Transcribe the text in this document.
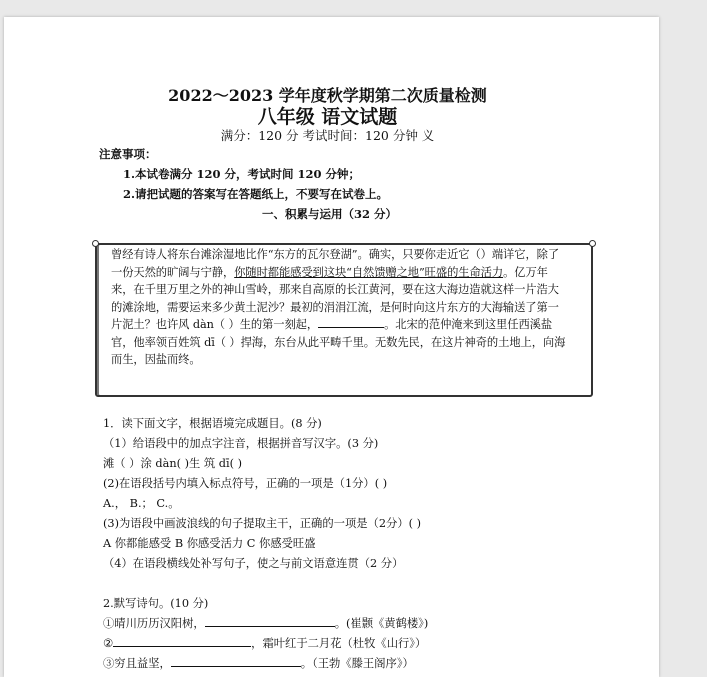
2022～2023 学年度秋学期第二次质量检测
八年级 语文试题
满分：120 分 考试时间：120 分钟 义
注意事项：
1.本试卷满分 120 分，考试时间 120 分钟；
2.请把试题的答案写在答题纸上，不要写在试卷上。
一、积累与运用（32 分）
曾经有诗人将东台滩涂湿地比作“东方的瓦尔登湖”。确实，只要你走近它（）端详它，除了
一份天然的旷阔与宁静，你随时都能感受到这块“自然馈赠之地”旺盛的生命活力。亿万年
来，在千里万里之外的神山雪岭，那来自高原的长江黄河，要在这大海边造就这样一片浩大
的滩涂地，需要运来多少黄土泥沙？最初的涓涓江流，是何时向这片东方的大海输送了第一
片泥土？也许风 dàn（ ）生的第一刻起，	。北宋的范仲淹来到这里任西溪盐
官，他率领百姓筑 dī（ ）捍海，东台从此平畴千里。无数先民，在这片神奇的土地上，向海
而生，因盐而终。
1．读下面文字，根据语境完成题目。(8 分)
（1）给语段中的加点字注音，根据拼音写汉字。(3 分)
滩（ ）涂 dàn( )生 筑 dī( )
(2)在语段括号内填入标点符号，正确的一项是（1分）( )
A.， B.； C.。
(3)为语段中画波浪线的句子提取主干，正确的一项是（2分）( )
A 你都能感受 B 你感受活力 C 你感受旺盛
（4）在语段横线处补写句子，使之与前文语意连贯（2 分）
2.默写诗句。(10 分)
①晴川历历汉阳树，	。(崔颢《黄鹤楼》)
②	，霜叶红于二月花（杜牧《山行》）
③穷且益坚，	。（王勃《滕王阁序》）
